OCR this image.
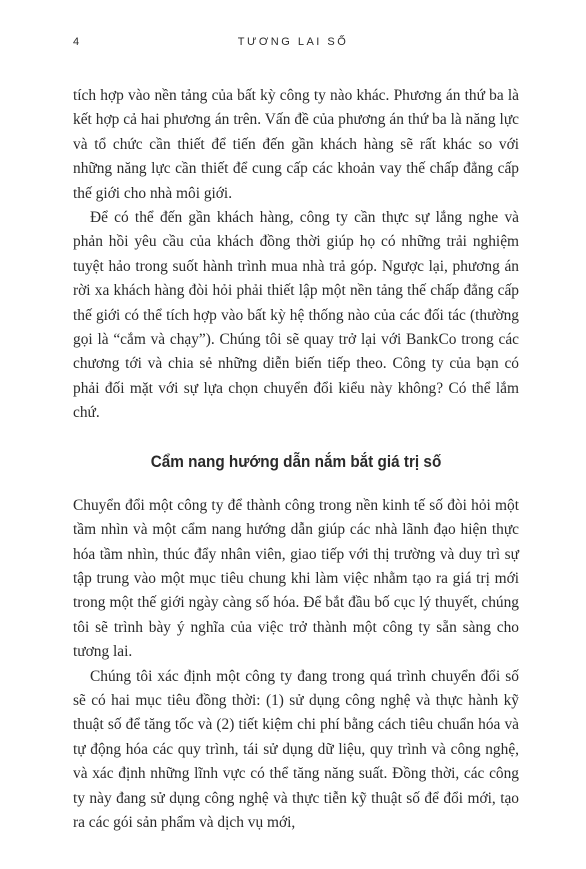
4	TƯƠNG LAI SỐ

tích hợp vào nền tảng của bất kỳ công ty nào khác. Phương án thứ ba là kết hợp cả hai phương án trên. Vấn đề của phương án thứ ba là năng lực và tổ chức cần thiết để tiến đến gần khách hàng sẽ rất khác so với những năng lực cần thiết để cung cấp các khoản vay thế chấp đẳng cấp thế giới cho nhà môi giới.

Để có thể đến gần khách hàng, công ty cần thực sự lắng nghe và phản hồi yêu cầu của khách đồng thời giúp họ có những trải nghiệm tuyệt hảo trong suốt hành trình mua nhà trả góp. Ngược lại, phương án rời xa khách hàng đòi hỏi phải thiết lập một nền tảng thế chấp đẳng cấp thế giới có thể tích hợp vào bất kỳ hệ thống nào của các đối tác (thường gọi là “cắm và chạy”). Chúng tôi sẽ quay trở lại với BankCo trong các chương tới và chia sẻ những diễn biến tiếp theo. Công ty của bạn có phải đối mặt với sự lựa chọn chuyển đổi kiểu này không? Có thể lắm chứ.

Cẩm nang hướng dẫn nắm bắt giá trị số

Chuyển đổi một công ty để thành công trong nền kinh tế số đòi hỏi một tầm nhìn và một cẩm nang hướng dẫn giúp các nhà lãnh đạo hiện thực hóa tầm nhìn, thúc đẩy nhân viên, giao tiếp với thị trường và duy trì sự tập trung vào một mục tiêu chung khi làm việc nhằm tạo ra giá trị mới trong một thế giới ngày càng số hóa. Để bắt đầu bố cục lý thuyết, chúng tôi sẽ trình bày ý nghĩa của việc trở thành một công ty sẵn sàng cho tương lai.

Chúng tôi xác định một công ty đang trong quá trình chuyển đổi số sẽ có hai mục tiêu đồng thời: (1) sử dụng công nghệ và thực hành kỹ thuật số để tăng tốc và (2) tiết kiệm chi phí bằng cách tiêu chuẩn hóa và tự động hóa các quy trình, tái sử dụng dữ liệu, quy trình và công nghệ, và xác định những lĩnh vực có thể tăng năng suất. Đồng thời, các công ty này đang sử dụng công nghệ và thực tiễn kỹ thuật số để đổi mới, tạo ra các gói sản phẩm và dịch vụ mới,
